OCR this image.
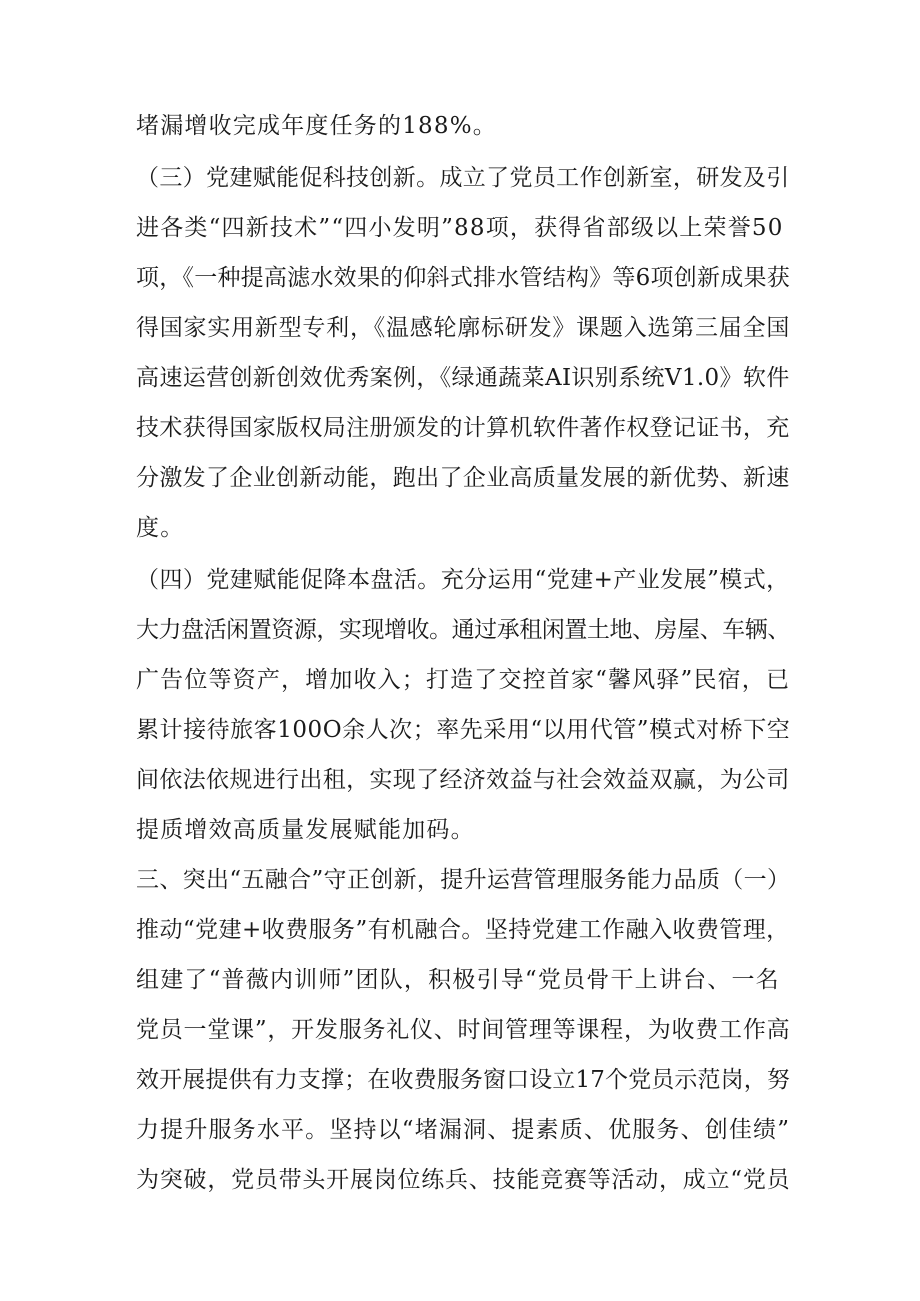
堵漏增收完成年度任务的188%。
（三）党建赋能促科技创新。成立了党员工作创新室，研发及引
进各类“四新技术”“四小发明”88项，获得省部级以上荣誉50
项，《一种提高滤水效果的仰斜式排水管结构》等6项创新成果获
得国家实用新型专利，《温感轮廓标研发》课题入选第三届全国
高速运营创新创效优秀案例，《绿通蔬菜AI识别系统V1.0》软件
技术获得国家版权局注册颁发的计算机软件著作权登记证书，充
分激发了企业创新动能，跑出了企业高质量发展的新优势、新速
度。
（四）党建赋能促降本盘活。充分运用“党建+产业发展”模式，
大力盘活闲置资源，实现增收。通过承租闲置土地、房屋、车辆、
广告位等资产，增加收入；打造了交控首家“馨风驿”民宿，已
累计接待旅客100O余人次；率先采用“以用代管”模式对桥下空
间依法依规进行出租，实现了经济效益与社会效益双赢，为公司
提质增效高质量发展赋能加码。
三、突出“五融合”守正创新，提升运营管理服务能力品质（一）
推动“党建+收费服务”有机融合。坚持党建工作融入收费管理，
组建了“普薇内训师”团队，积极引导“党员骨干上讲台、一名
党员一堂课”，开发服务礼仪、时间管理等课程，为收费工作高
效开展提供有力支撑；在收费服务窗口设立17个党员示范岗，努
力提升服务水平。坚持以“堵漏洞、提素质、优服务、创佳绩”
为突破，党员带头开展岗位练兵、技能竞赛等活动，成立“党员
